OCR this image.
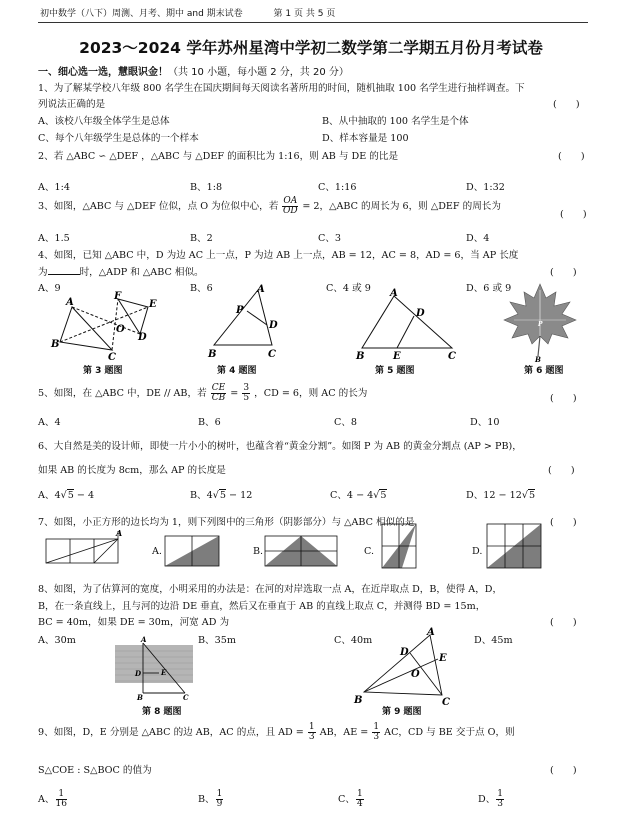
初中数学（八下）周测、月考、期中 and 期末试卷	第 1 页 共 5 页
2023～2024 学年苏州星湾中学初二数学第二学期五月份月考试卷
一、细心选一选，慧眼识金！（共 10 小题，每小题 2 分，共 20 分）
1、为了解某学校八年级 800 名学生在国庆期间每天阅读名著所用的时间，随机抽取 100 名学生进行抽样调查。下
列说法正确的是	(　　)
A、该校八年级全体学生是总体	B、从中抽取的 100 名学生是个体
C、每个八年级学生是总体的一个样本	D、样本容量是 100
2、若 △ABC ∽ △DEF ，△ABC 与 △DEF 的面积比为 1:16，则 AB 与 DE 的比是	(　　)
A、1:4	B、1:8	C、1:16	D、1:32
3、如图，△ABC 与 △DEF 位似，点 O 为位似中心，若 $\frac{OA}{OD} = 2$，△ABC 的周长为 6，则 △DEF 的周长为
(　　)
A、1.5	B、2	C、3	D、4
4、如图，已知 △ABC 中，D 为边 AC 上一点，P 为边 AB 上一点，AB = 12，AC = 8，AD = 6，当 AP 长度
为	时，△ADP 和 △ABC 相似。	(　　)
A、9	B、6	C、4 或 9	D、6 或 9
A
B
C
D
E
F
O
第 3 题图
A
P
D
B	C
第 4 题图
A
D
B	E	C
第 5 题图
P
B
第 6 题图
5、如图，在 △ABC 中，DE // AB，若 $\frac{CE}{CB} = \frac{3}{5}$ ，CD = 6，则 AC 的长为	(　　)
A、4	B、6	C、8	D、10
6、大自然是美的设计师，即使一片小小的树叶，也蕴含着“黄金分割”。如图 P 为 AB 的黄金分割点 (AP > PB)，
如果 AB 的长度为 8cm，那么 AP 的长度是	(　　)
A、4√5 − 4	B、4√5 − 12	C、4 − 4√5	D、12 − 12√5
7、如图，小正方形的边长均为 1，则下列图中的三角形（阴影部分）与 △ABC 相似的是	(　　)
A
A.	B.	C.	D.
8、如图，为了估算河的宽度，小明采用的办法是：在河的对岸选取一点 A，在近岸取点 D，B，使得 A，D，
B，在一条直线上，且与河的边沿 DE 垂直，然后又在垂直于 AB 的直线上取点 C，并测得 BD = 15m，
BC = 40m，如果 DE = 30m，河宽 AD 为	(　　)
A、30m	B、35m	C、40m	D、45m
A
D	E
B	C
第 8 题图
A
D
E
O
B	C
第 9 题图
9、如图，D，E 分别是 △ABC 的边 AB，AC 的点，且 AD = $\frac{1}{3}$ AB，AE = $\frac{1}{3}$ AC，CD 与 BE 交于点 O，则
S△COE : S△BOC 的值为	(　　)
A、 $\frac{1}{16}$	B、 $\frac{1}{9}$	C、 $\frac{1}{4}$	D、 $\frac{1}{3}$
